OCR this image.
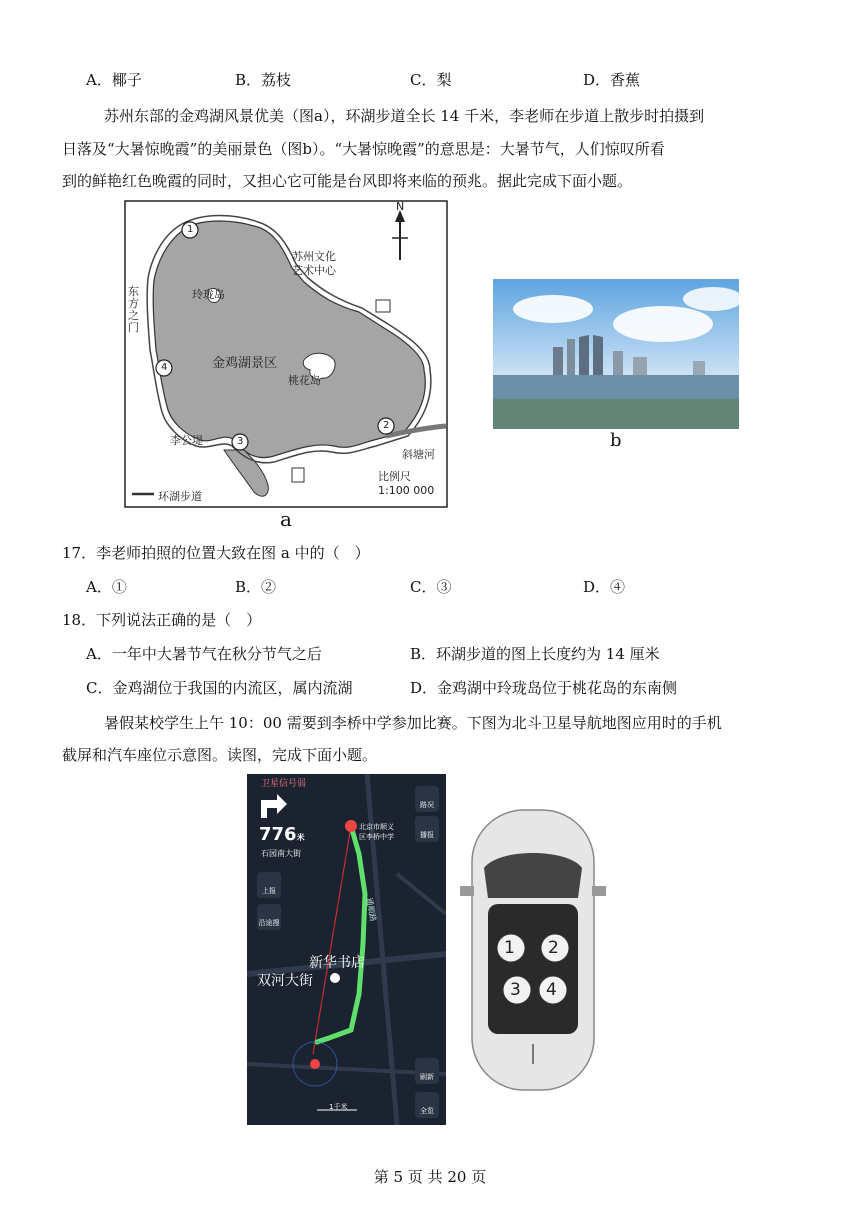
A．椰子	B．荔枝	C．梨	D．香蕉
苏州东部的金鸡湖风景优美（图a），环湖步道全长 14 千米，李老师在步道上散步时拍摄到
日落及“大暑惊晚霞”的美丽景色（图b）。“大暑惊晚霞”的意思是：大暑节气，人们惊叹所看
到的鲜艳红色晚霞的同时，又担心它可能是台风即将来临的预兆。据此完成下面小题。
N
1
2
3
4
苏州文化
艺术中心
玲珑岛
桃花岛
金鸡湖景区
东
方
之
门
李公堤
斜塘河
比例尺
1:100 000
环湖步道
a
b
17．李老师拍照的位置大致在图 a 中的（　）
A．①	B．②	C．③	D．④
18．下列说法正确的是（　）
A．一年中大暑节气在秋分节气之后	B．环湖步道的图上长度约为 14 厘米
C．金鸡湖位于我国的内流区，属内流湖	D．金鸡湖中玲珑岛位于桃花岛的东南侧
暑假某校学生上午 10：00 需要到李桥中学参加比赛。下图为北斗卫星导航地图应用时的手机
截屏和汽车座位示意图。读图，完成下面小题。
卫星信号弱
776米
石园南大街
北京市顺义
区李桥中学
通顺路
新华书店
双河大街
上报
沿途搜
路况
播报
刷新
全览
1千米
1 2
3 4
第 5 页 共 20 页
